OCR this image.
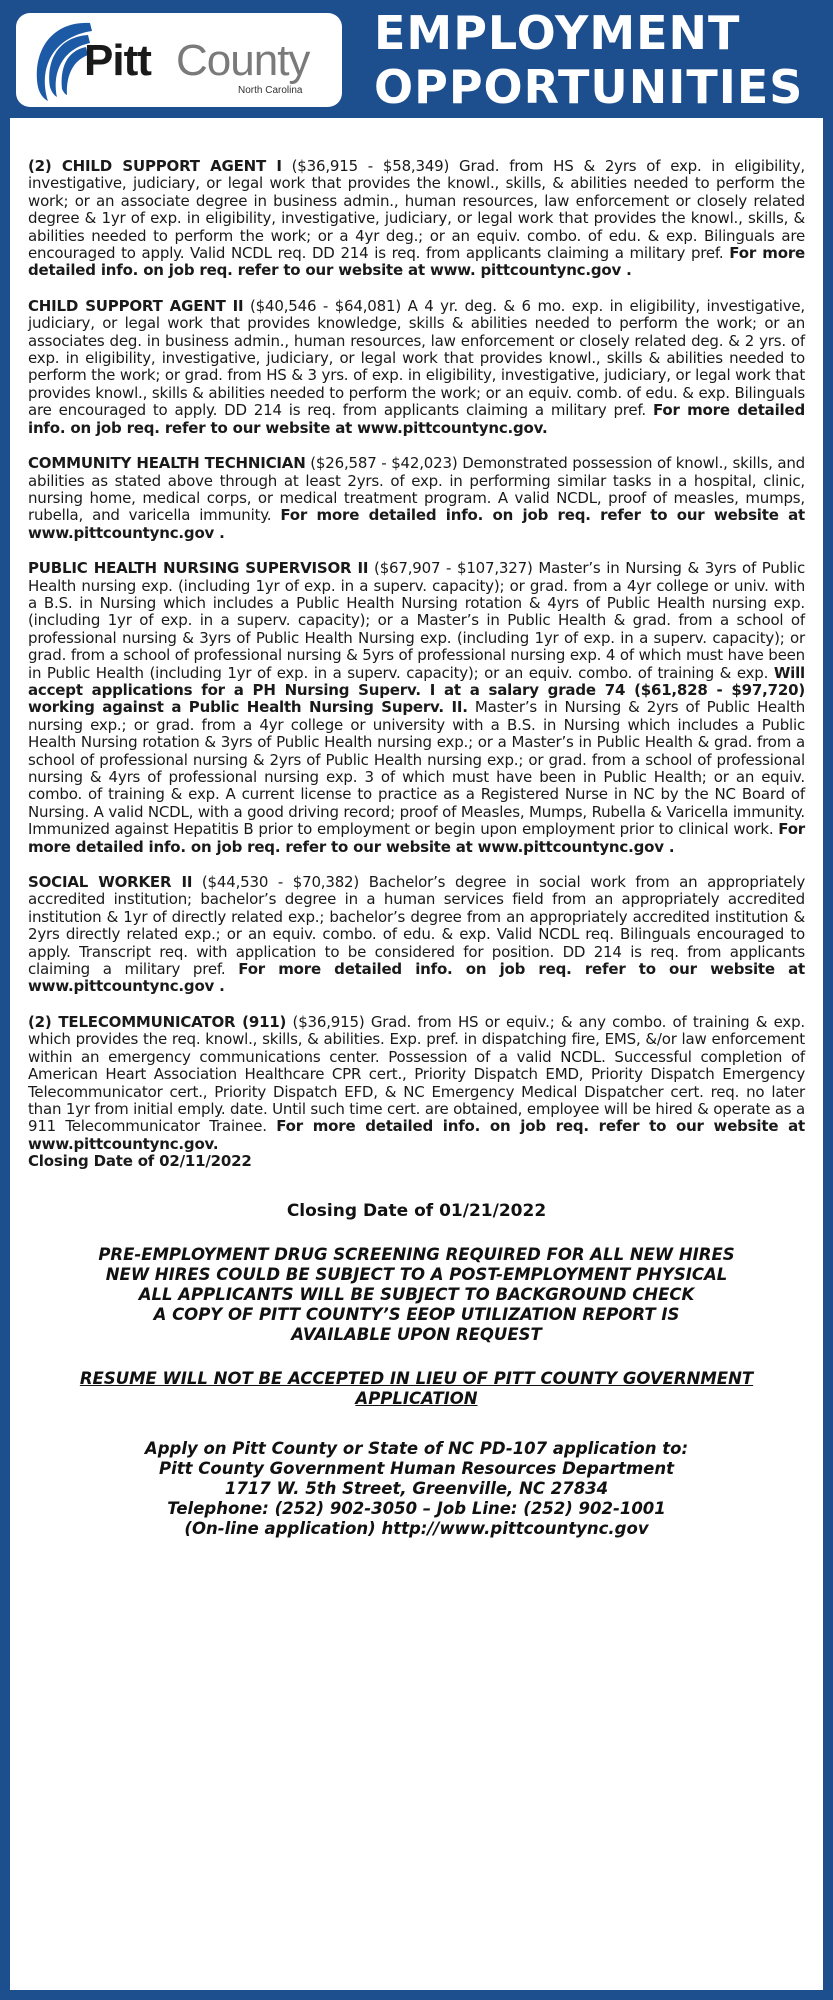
Pitt County
North Carolina
EMPLOYMENT
OPPORTUNITIES

(2) CHILD SUPPORT AGENT I ($36,915 - $58,349) Grad. from HS & 2yrs of exp. in eligibility, investigative, judiciary, or legal work that provides the knowl., skills, & abilities needed to perform the work; or an associate degree in business admin., human resources, law enforcement or closely related degree & 1yr of exp. in eligibility, investigative, judiciary, or legal work that provides the knowl., skills, & abilities needed to perform the work; or a 4yr deg.; or an equiv. combo. of edu. & exp. Bilinguals are encouraged to apply. Valid NCDL req. DD 214 is req. from applicants claiming a military pref. For more detailed info. on job req. refer to our website at www. pittcountync.gov .

CHILD SUPPORT AGENT II ($40,546 - $64,081) A 4 yr. deg. & 6 mo. exp. in eligibility, investigative, judiciary, or legal work that provides knowledge, skills & abilities needed to perform the work; or an associates deg. in business admin., human resources, law enforcement or closely related deg. & 2 yrs. of exp. in eligibility, investigative, judiciary, or legal work that provides knowl., skills & abilities needed to perform the work; or grad. from HS & 3 yrs. of exp. in eligibility, investigative, judiciary, or legal work that provides knowl., skills & abilities needed to perform the work; or an equiv. comb. of edu. & exp. Bilinguals are encouraged to apply. DD 214 is req. from applicants claiming a military pref. For more detailed info. on job req. refer to our website at www.pittcountync.gov.

COMMUNITY HEALTH TECHNICIAN ($26,587 - $42,023) Demonstrated possession of knowl., skills, and abilities as stated above through at least 2yrs. of exp. in performing similar tasks in a hospital, clinic, nursing home, medical corps, or medical treatment program. A valid NCDL, proof of measles, mumps, rubella, and varicella immunity. For more detailed info. on job req. refer to our website at www.pittcountync.gov .

PUBLIC HEALTH NURSING SUPERVISOR II ($67,907 - $107,327) Master’s in Nursing & 3yrs of Public Health nursing exp. (including 1yr of exp. in a superv. capacity); or grad. from a 4yr college or univ. with a B.S. in Nursing which includes a Public Health Nursing rotation & 4yrs of Public Health nursing exp. (including 1yr of exp. in a superv. capacity); or a Master’s in Public Health & grad. from a school of professional nursing & 3yrs of Public Health Nursing exp. (including 1yr of exp. in a superv. capacity); or grad. from a school of professional nursing & 5yrs of professional nursing exp. 4 of which must have been in Public Health (including 1yr of exp. in a superv. capacity); or an equiv. combo. of training & exp. Will accept applications for a PH Nursing Superv. I at a salary grade 74 ($61,828 - $97,720) working against a Public Health Nursing Superv. II. Master’s in Nursing & 2yrs of Public Health nursing exp.; or grad. from a 4yr college or university with a B.S. in Nursing which includes a Public Health Nursing rotation & 3yrs of Public Health nursing exp.; or a Master’s in Public Health & grad. from a school of professional nursing & 2yrs of Public Health nursing exp.; or grad. from a school of professional nursing & 4yrs of professional nursing exp. 3 of which must have been in Public Health; or an equiv. combo. of training & exp. A current license to practice as a Registered Nurse in NC by the NC Board of Nursing. A valid NCDL, with a good driving record; proof of Measles, Mumps, Rubella & Varicella immunity. Immunized against Hepatitis B prior to employment or begin upon employment prior to clinical work. For more detailed info. on job req. refer to our website at www.pittcountync.gov .

SOCIAL WORKER II ($44,530 - $70,382) Bachelor’s degree in social work from an appropriately accredited institution; bachelor’s degree in a human services field from an appropriately accredited institution & 1yr of directly related exp.; bachelor’s degree from an appropriately accredited institution & 2yrs directly related exp.; or an equiv. combo. of edu. & exp. Valid NCDL req. Bilinguals encouraged to apply. Transcript req. with application to be considered for position. DD 214 is req. from applicants claiming a military pref. For more detailed info. on job req. refer to our website at www.pittcountync.gov .

(2) TELECOMMUNICATOR (911) ($36,915) Grad. from HS or equiv.; & any combo. of training & exp. which provides the req. knowl., skills, & abilities. Exp. pref. in dispatching fire, EMS, &/or law enforcement within an emergency communications center. Possession of a valid NCDL. Successful completion of American Heart Association Healthcare CPR cert., Priority Dispatch EMD, Priority Dispatch Emergency Telecommunicator cert., Priority Dispatch EFD, & NC Emergency Medical Dispatcher cert. req. no later than 1yr from initial emply. date. Until such time cert. are obtained, employee will be hired & operate as a 911 Telecommunicator Trainee. For more detailed info. on job req. refer to our website at www.pittcountync.gov.
Closing Date of 02/11/2022

Closing Date of 01/21/2022
PRE-EMPLOYMENT DRUG SCREENING REQUIRED FOR ALL NEW HIRES
NEW HIRES COULD BE SUBJECT TO A POST-EMPLOYMENT PHYSICAL
ALL APPLICANTS WILL BE SUBJECT TO BACKGROUND CHECK
A COPY OF PITT COUNTY’S EEOP UTILIZATION REPORT IS
AVAILABLE UPON REQUEST
RESUME WILL NOT BE ACCEPTED IN LIEU OF PITT COUNTY GOVERNMENT APPLICATION
Apply on Pitt County or State of NC PD-107 application to:
Pitt County Government Human Resources Department
1717 W. 5th Street, Greenville, NC 27834
Telephone: (252) 902-3050 – Job Line: (252) 902-1001
(On-line application) http://www.pittcountync.gov
